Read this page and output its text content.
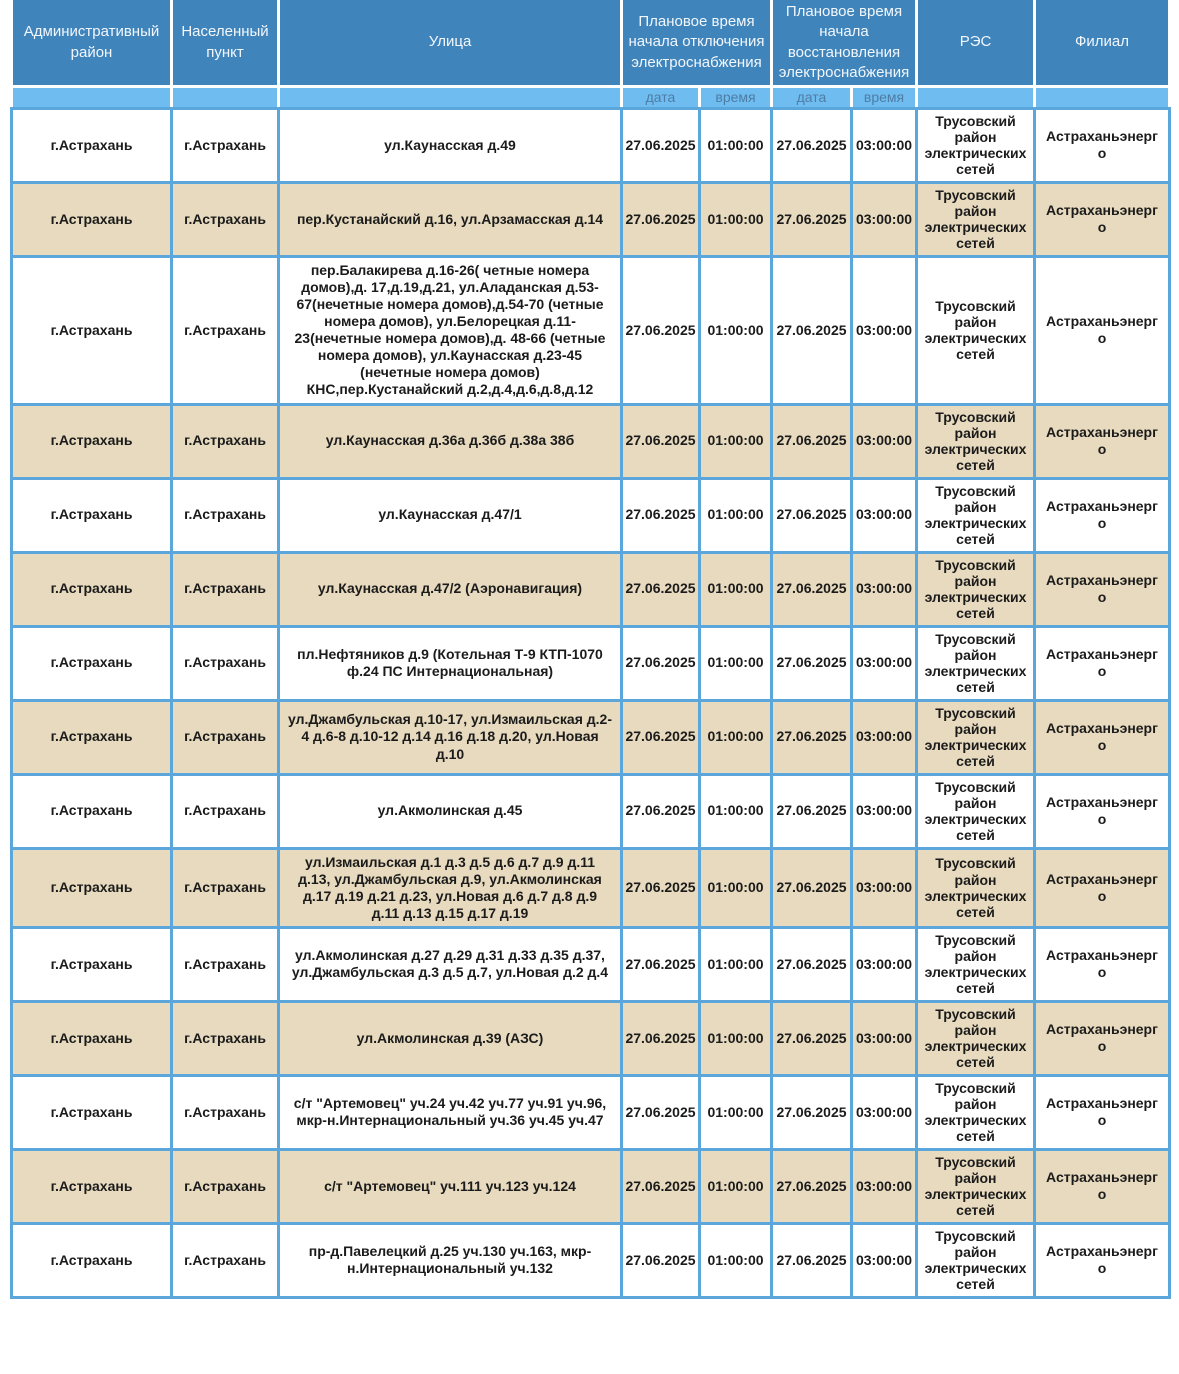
Административный район	Населенный пункт	Улица	Плановое время начала отключения электроснабжения		Плановое время начала восстановления электроснабжения		РЭС	Филиал
			дата	время	дата	время		
г.Астрахань	г.Астрахань	ул.Каунасская д.49	27.06.2025	01:00:00	27.06.2025	03:00:00	Трусовский район электрических сетей	Астраханьэнерго
г.Астрахань	г.Астрахань	пер.Кустанайский д.16, ул.Арзамасская д.14	27.06.2025	01:00:00	27.06.2025	03:00:00	Трусовский район электрических сетей	Астраханьэнерго
г.Астрахань	г.Астрахань	пер.Балакирева д.16-26( четные номера домов),д. 17,д.19,д.21, ул.Аладанская д.53-67(нечетные номера домов),д.54-70 (четные номера домов), ул.Белорецкая д.11-23(нечетные номера домов),д. 48-66 (четные номера домов), ул.Каунасская д.23-45 (нечетные номера домов) КНС,пер.Кустанайский д.2,д.4,д.6,д.8,д.12	27.06.2025	01:00:00	27.06.2025	03:00:00	Трусовский район электрических сетей	Астраханьэнерго
г.Астрахань	г.Астрахань	ул.Каунасская д.36а д.36б д.38а 38б	27.06.2025	01:00:00	27.06.2025	03:00:00	Трусовский район электрических сетей	Астраханьэнерго
г.Астрахань	г.Астрахань	ул.Каунасская д.47/1	27.06.2025	01:00:00	27.06.2025	03:00:00	Трусовский район электрических сетей	Астраханьэнерго
г.Астрахань	г.Астрахань	ул.Каунасская д.47/2 (Аэронавигация)	27.06.2025	01:00:00	27.06.2025	03:00:00	Трусовский район электрических сетей	Астраханьэнерго
г.Астрахань	г.Астрахань	пл.Нефтяников д.9 (Котельная Т-9 КТП-1070 ф.24 ПС Интернациональная)	27.06.2025	01:00:00	27.06.2025	03:00:00	Трусовский район электрических сетей	Астраханьэнерго
г.Астрахань	г.Астрахань	ул.Джамбульская д.10-17, ул.Измаильская д.2-4 д.6-8 д.10-12 д.14 д.16 д.18 д.20, ул.Новая д.10	27.06.2025	01:00:00	27.06.2025	03:00:00	Трусовский район электрических сетей	Астраханьэнерго
г.Астрахань	г.Астрахань	ул.Акмолинская д.45	27.06.2025	01:00:00	27.06.2025	03:00:00	Трусовский район электрических сетей	Астраханьэнерго
г.Астрахань	г.Астрахань	ул.Измаильская д.1 д.3 д.5 д.6 д.7 д.9 д.11 д.13, ул.Джамбульская д.9, ул.Акмолинская д.17 д.19 д.21 д.23, ул.Новая д.6 д.7 д.8 д.9 д.11 д.13 д.15 д.17 д.19	27.06.2025	01:00:00	27.06.2025	03:00:00	Трусовский район электрических сетей	Астраханьэнерго
г.Астрахань	г.Астрахань	ул.Акмолинская д.27 д.29 д.31 д.33 д.35 д.37, ул.Джамбульская д.3 д.5 д.7, ул.Новая д.2 д.4	27.06.2025	01:00:00	27.06.2025	03:00:00	Трусовский район электрических сетей	Астраханьэнерго
г.Астрахань	г.Астрахань	ул.Акмолинская д.39 (АЗС)	27.06.2025	01:00:00	27.06.2025	03:00:00	Трусовский район электрических сетей	Астраханьэнерго
г.Астрахань	г.Астрахань	с/т "Артемовец" уч.24 уч.42 уч.77 уч.91 уч.96, мкр-н.Интернациональный уч.36 уч.45 уч.47	27.06.2025	01:00:00	27.06.2025	03:00:00	Трусовский район электрических сетей	Астраханьэнерго
г.Астрахань	г.Астрахань	с/т "Артемовец" уч.111 уч.123 уч.124	27.06.2025	01:00:00	27.06.2025	03:00:00	Трусовский район электрических сетей	Астраханьэнерго
г.Астрахань	г.Астрахань	пр-д.Павелецкий д.25 уч.130 уч.163, мкр-н.Интернациональный уч.132	27.06.2025	01:00:00	27.06.2025	03:00:00	Трусовский район электрических сетей	Астраханьэнерго
